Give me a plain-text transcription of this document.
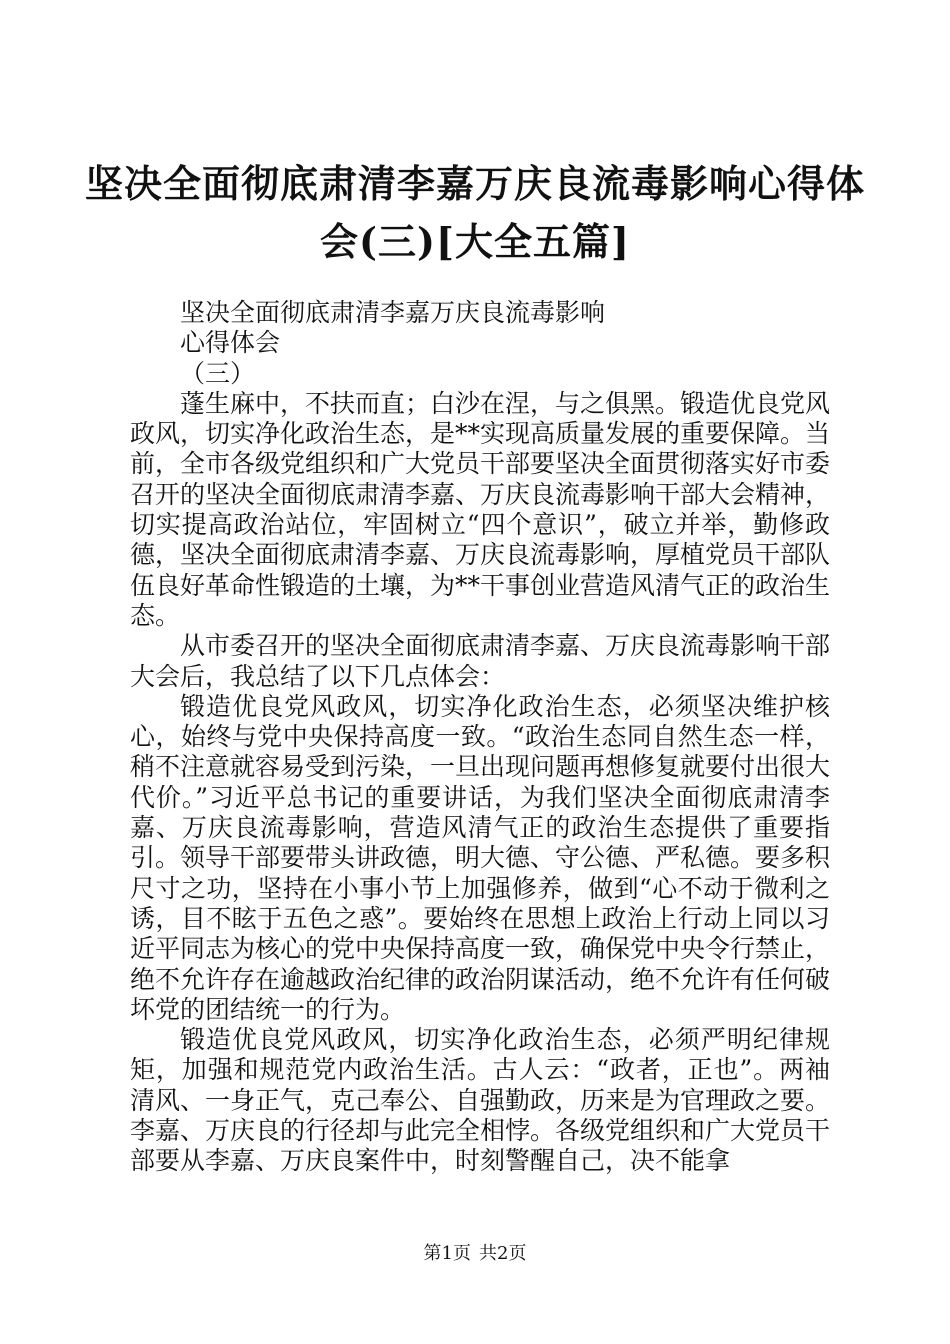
坚决全面彻底肃清李嘉万庆良流毒影响心得体
会(三)[大全五篇]

坚决全面彻底肃清李嘉万庆良流毒影响

心得体会

（三）

蓬生麻中，不扶而直；白沙在涅，与之俱黑。锻造优良党风政风，切实净化政治生态，是**实现高质量发展的重要保障。当前，全市各级党组织和广大党员干部要坚决全面贯彻落实好市委召开的坚决全面彻底肃清李嘉、万庆良流毒影响干部大会精神，切实提高政治站位，牢固树立“四个意识”，破立并举，勤修政德，坚决全面彻底肃清李嘉、万庆良流毒影响，厚植党员干部队伍良好革命性锻造的土壤，为**干事创业营造风清气正的政治生态。

从市委召开的坚决全面彻底肃清李嘉、万庆良流毒影响干部大会后，我总结了以下几点体会：

锻造优良党风政风，切实净化政治生态，必须坚决维护核心，始终与党中央保持高度一致。“政治生态同自然生态一样，稍不注意就容易受到污染，一旦出现问题再想修复就要付出很大代价。”习近平总书记的重要讲话，为我们坚决全面彻底肃清李嘉、万庆良流毒影响，营造风清气正的政治生态提供了重要指引。领导干部要带头讲政德，明大德、守公德、严私德。要多积尺寸之功，坚持在小事小节上加强修养，做到“心不动于微利之诱，目不眩于五色之惑”。要始终在思想上政治上行动上同以习近平同志为核心的党中央保持高度一致，确保党中央令行禁止，绝不允许存在逾越政治纪律的政治阴谋活动，绝不允许有任何破坏党的团结统一的行为。

锻造优良党风政风，切实净化政治生态，必须严明纪律规矩，加强和规范党内政治生活。古人云：“政者，正也”。两袖清风、一身正气，克己奉公、自强勤政，历来是为官理政之要。李嘉、万庆良的行径却与此完全相悖。各级党组织和广大党员干部要从李嘉、万庆良案件中，时刻警醒自己，决不能拿

第1页 共2页
